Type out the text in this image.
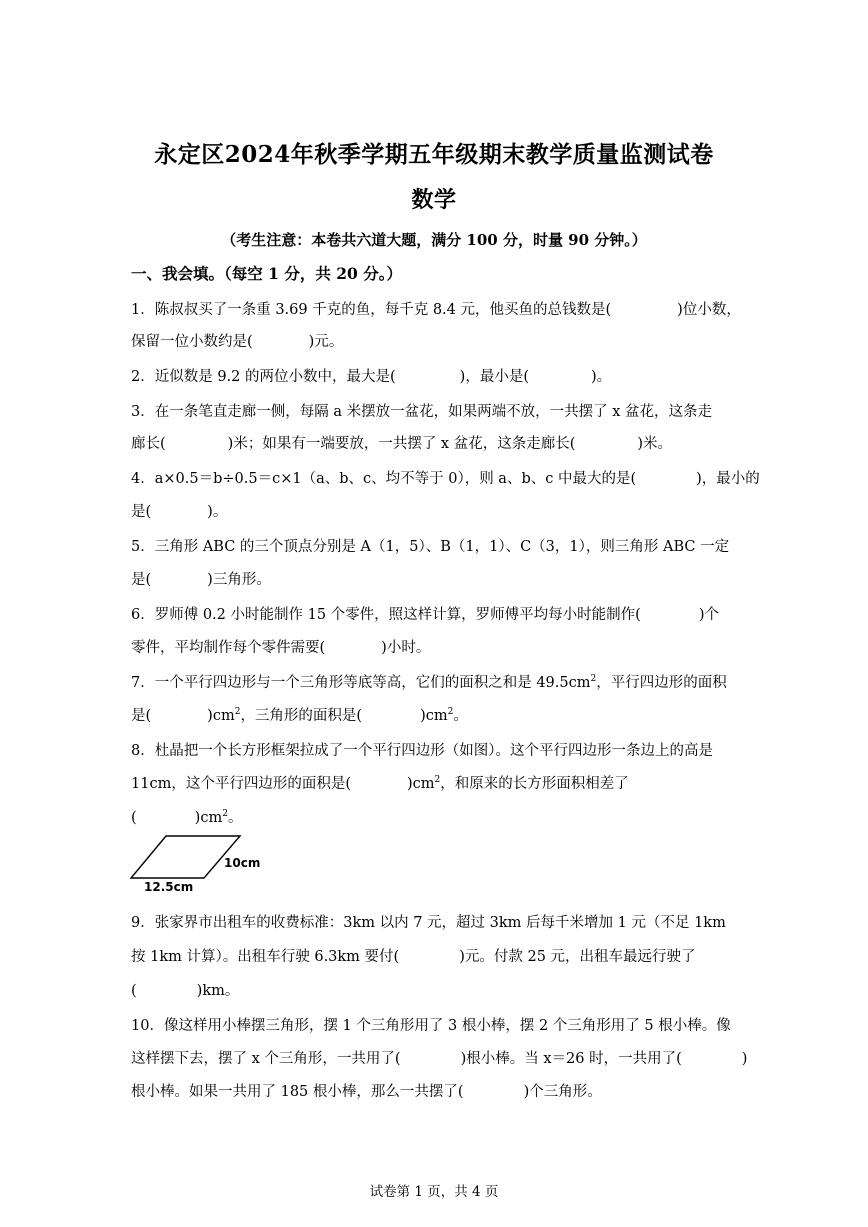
永定区2024年秋季学期五年级期末教学质量监测试卷
数学
（考生注意：本卷共六道大题，满分 100 分，时量 90 分钟。）
一、我会填。（每空 1 分，共 20 分。）
1．陈叔叔买了一条重 3.69 千克的鱼，每千克 8.4 元，他买鱼的总钱数是(	)位小数，
保留一位小数约是(	)元。
2．近似数是 9.2 的两位小数中，最大是(	)，最小是(	)。
3．在一条笔直走廊一侧，每隔 a 米摆放一盆花，如果两端不放，一共摆了 x 盆花，这条走
廊长(	)米；如果有一端要放，一共摆了 x 盆花，这条走廊长(	)米。
4．a×0.5＝b÷0.5＝c×1（a、b、c、均不等于 0），则 a、b、c 中最大的是(	)，最小的
是(	)。
5．三角形 ABC 的三个顶点分别是 A（1，5）、B（1，1）、C（3，1），则三角形 ABC 一定
是(	)三角形。
6．罗师傅 0.2 小时能制作 15 个零件，照这样计算，罗师傅平均每小时能制作(	)个
零件，平均制作每个零件需要(	)小时。
7．一个平行四边形与一个三角形等底等高，它们的面积之和是 $49.5cm^2$，平行四边形的面积
是(	)$cm^2$，三角形的面积是(	)$cm^2$。
8．杜晶把一个长方形框架拉成了一个平行四边形（如图）。这个平行四边形一条边上的高是
11cm，这个平行四边形的面积是(	)$cm^2$，和原来的长方形面积相差了
(	)$cm^2$。
10cm
12.5cm
9．张家界市出租车的收费标准：3km 以内 7 元，超过 3km 后每千米增加 1 元（不足 1km
按 1km 计算）。出租车行驶 6.3km 要付(	)元。付款 25 元，出租车最远行驶了
(	)km。
10．像这样用小棒摆三角形，摆 1 个三角形用了 3 根小棒，摆 2 个三角形用了 5 根小棒。像
这样摆下去，摆了 x 个三角形，一共用了(	)根小棒。当 x＝26 时，一共用了(	)
根小棒。如果一共用了 185 根小棒，那么一共摆了(	)个三角形。
试卷第 1 页，共 4 页
